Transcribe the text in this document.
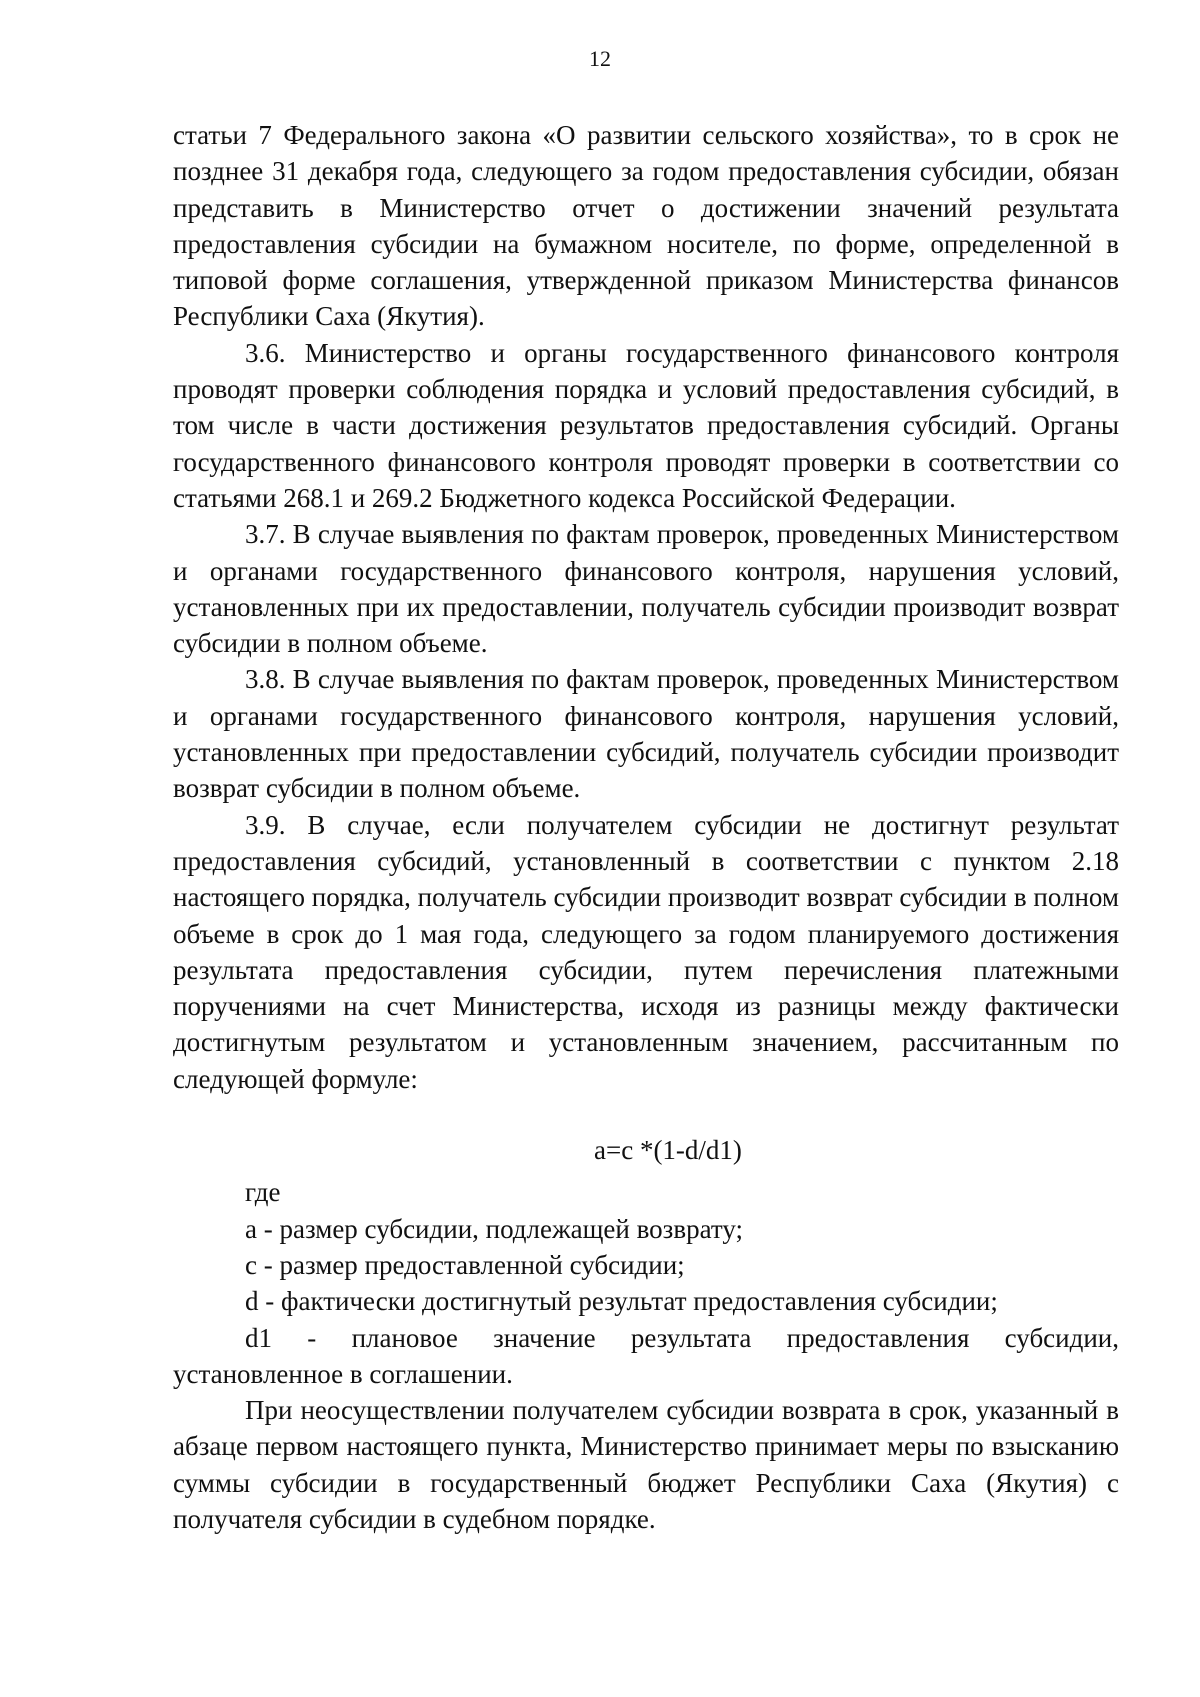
12

статьи 7 Федерального закона «О развитии сельского хозяйства», то в срок не позднее 31 декабря года, следующего за годом предоставления субсидии, обязан представить в Министерство отчет о достижении значений результата предоставления субсидии на бумажном носителе, по форме, определенной в типовой форме соглашения, утвержденной приказом Министерства финансов Республики Саха (Якутия).

3.6. Министерство и органы государственного финансового контроля проводят проверки соблюдения порядка и условий предоставления субсидий, в том числе в части достижения результатов предоставления субсидий. Органы государственного финансового контроля проводят проверки в соответствии со статьями 268.1 и 269.2 Бюджетного кодекса Российской Федерации.

3.7. В случае выявления по фактам проверок, проведенных Министерством и органами государственного финансового контроля, нарушения условий, установленных при их предоставлении, получатель субсидии производит возврат субсидии в полном объеме.

3.8. В случае выявления по фактам проверок, проведенных Министерством и органами государственного финансового контроля, нарушения условий, установленных при предоставлении субсидий, получатель субсидии производит возврат субсидии в полном объеме.

3.9. В случае, если получателем субсидии не достигнут результат предоставления субсидий, установленный в соответствии с пунктом 2.18 настоящего порядка, получатель субсидии производит возврат субсидии в полном объеме в срок до 1 мая года, следующего за годом планируемого достижения результата предоставления субсидии, путем перечисления платежными поручениями на счет Министерства, исходя из разницы между фактически достигнутым результатом и установленным значением, рассчитанным по следующей формуле:

a=c *(1-d/d1)

где

а - размер субсидии, подлежащей возврату;

с - размер предоставленной субсидии;

d - фактически достигнутый результат предоставления субсидии;

d1 - плановое значение результата предоставления субсидии, установленное в соглашении.

При неосуществлении получателем субсидии возврата в срок, указанный в абзаце первом настоящего пункта, Министерство принимает меры по взысканию суммы субсидии в государственный бюджет Республики Саха (Якутия) с получателя субсидии в судебном порядке.
